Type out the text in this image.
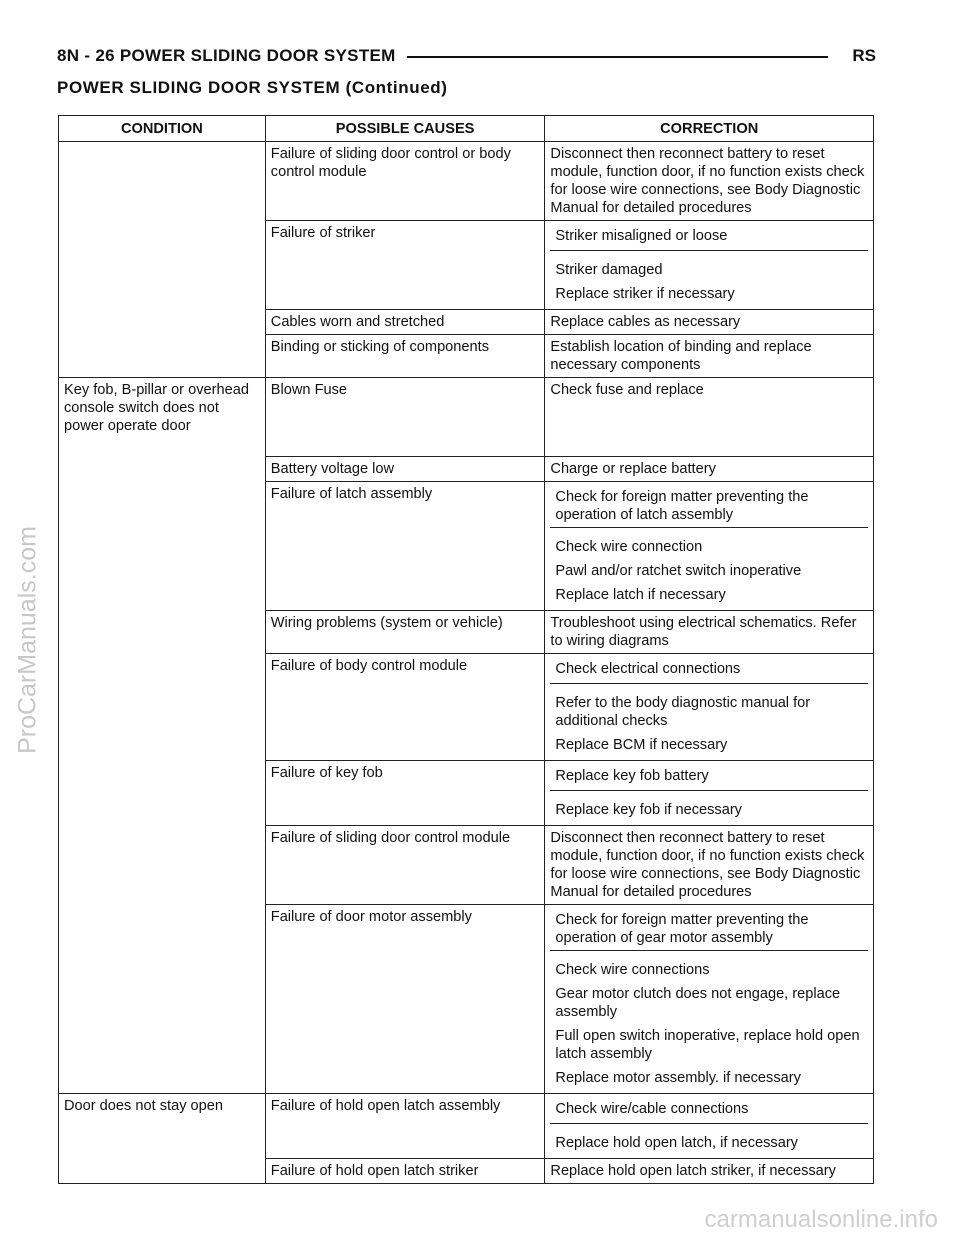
8N - 26 POWER SLIDING DOOR SYSTEM	RS
POWER SLIDING DOOR SYSTEM (Continued)
ProCarManuals.com
carmanualsonline.info
CONDITION	POSSIBLE CAUSES	CORRECTION
	Failure of sliding door control or body control module	Disconnect then reconnect battery to reset module, function door, if no function exists check for loose wire connections, see Body Diagnostic Manual for detailed procedures
	Failure of striker	Striker misaligned or loose
Striker damaged
Replace striker if necessary

	Cables worn and stretched	Replace cables as necessary
	Binding or sticking of components	Establish location of binding and replace necessary components
Key fob, B-pillar or overhead console switch does not power operate door	Blown Fuse	Check fuse and replace
	Battery voltage low	Charge or replace battery
	Failure of latch assembly	Check for foreign matter preventing the operation of latch assembly
Check wire connection
Pawl and/or ratchet switch inoperative
Replace latch if necessary

	Wiring problems (system or vehicle)	Troubleshoot using electrical schematics. Refer to wiring diagrams
	Failure of body control module	Check electrical connections
Refer to the body diagnostic manual for additional checks
Replace BCM if necessary

	Failure of key fob	Replace key fob battery
Replace key fob if necessary

	Failure of sliding door control module	Disconnect then reconnect battery to reset module, function door, if no function exists check for loose wire connections, see Body Diagnostic Manual for detailed procedures
	Failure of door motor assembly	Check for foreign matter preventing the operation of gear motor assembly
Check wire connections
Gear motor clutch does not engage, replace assembly
Full open switch inoperative, replace hold open latch assembly
Replace motor assembly. if necessary

Door does not stay open	Failure of hold open latch assembly	Check wire/cable connections
Replace hold open latch, if necessary

	Failure of hold open latch striker	Replace hold open latch striker, if necessary
